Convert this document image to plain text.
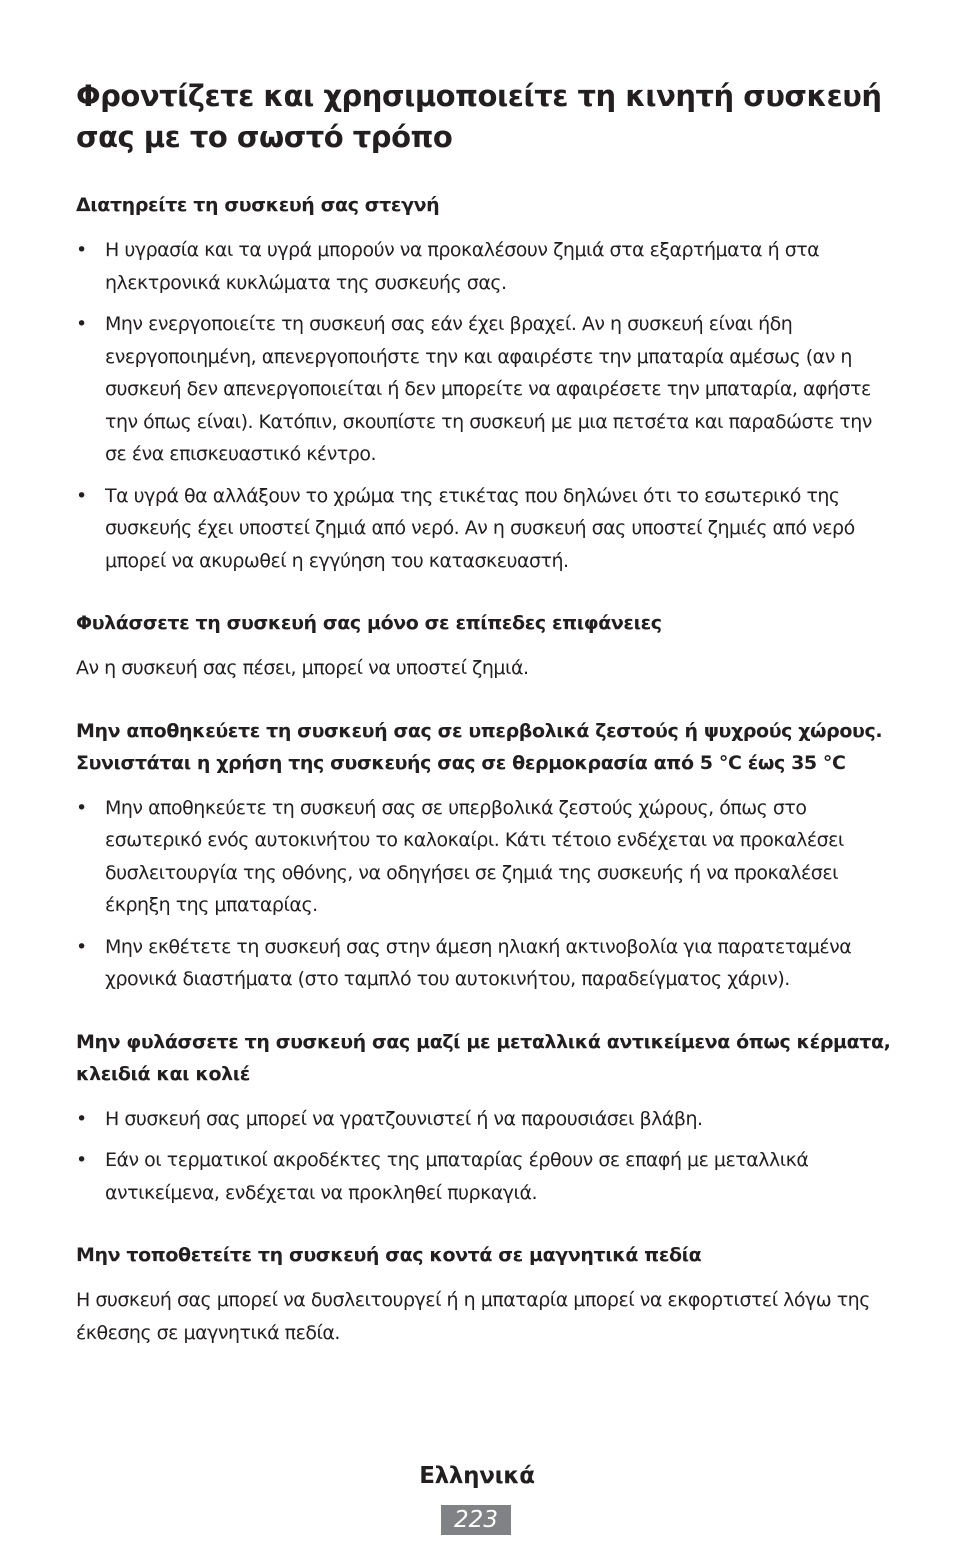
Φροντίζετε και χρησιμοποιείτε τη κινητή συσκευή σας με το σωστό τρόπο
Διατηρείτε τη συσκευή σας στεγνή
• Η υγρασία και τα υγρά μπορούν να προκαλέσουν ζημιά στα εξαρτήματα ή στα ηλεκτρονικά κυκλώματα της συσκευής σας.
• Μην ενεργοποιείτε τη συσκευή σας εάν έχει βραχεί. Αν η συσκευή είναι ήδη ενεργοποιημένη, απενεργοποιήστε την και αφαιρέστε την μπαταρία αμέσως (αν η συσκευή δεν απενεργοποιείται ή δεν μπορείτε να αφαιρέσετε την μπαταρία, αφήστε την όπως είναι). Κατόπιν, σκουπίστε τη συσκευή με μια πετσέτα και παραδώστε την σε ένα επισκευαστικό κέντρο.
• Τα υγρά θα αλλάξουν το χρώμα της ετικέτας που δηλώνει ότι το εσωτερικό της συσκευής έχει υποστεί ζημιά από νερό. Αν η συσκευή σας υποστεί ζημιές από νερό μπορεί να ακυρωθεί η εγγύηση του κατασκευαστή.
Φυλάσσετε τη συσκευή σας μόνο σε επίπεδες επιφάνειες

Αν η συσκευή σας πέσει, μπορεί να υποστεί ζημιά.

Μην αποθηκεύετε τη συσκευή σας σε υπερβολικά ζεστούς ή ψυχρούς χώρους. Συνιστάται η χρήση της συσκευής σας σε θερμοκρασία από 5 °C έως 35 °C
• Μην αποθηκεύετε τη συσκευή σας σε υπερβολικά ζεστούς χώρους, όπως στο εσωτερικό ενός αυτοκινήτου το καλοκαίρι. Κάτι τέτοιο ενδέχεται να προκαλέσει δυσλειτουργία της οθόνης, να οδηγήσει σε ζημιά της συσκευής ή να προκαλέσει έκρηξη της μπαταρίας.
• Μην εκθέτετε τη συσκευή σας στην άμεση ηλιακή ακτινοβολία για παρατεταμένα χρονικά διαστήματα (στο ταμπλό του αυτοκινήτου, παραδείγματος χάριν).
Μην φυλάσσετε τη συσκευή σας μαζί με μεταλλικά αντικείμενα όπως κέρματα, κλειδιά και κολιέ
• Η συσκευή σας μπορεί να γρατζουνιστεί ή να παρουσιάσει βλάβη.
• Εάν οι τερματικοί ακροδέκτες της μπαταρίας έρθουν σε επαφή με μεταλλικά αντικείμενα, ενδέχεται να προκληθεί πυρκαγιά.
Μην τοποθετείτε τη συσκευή σας κοντά σε μαγνητικά πεδία

Η συσκευή σας μπορεί να δυσλειτουργεί ή η μπαταρία μπορεί να εκφορτιστεί λόγω της έκθεσης σε μαγνητικά πεδία.

Ελληνικά
223
